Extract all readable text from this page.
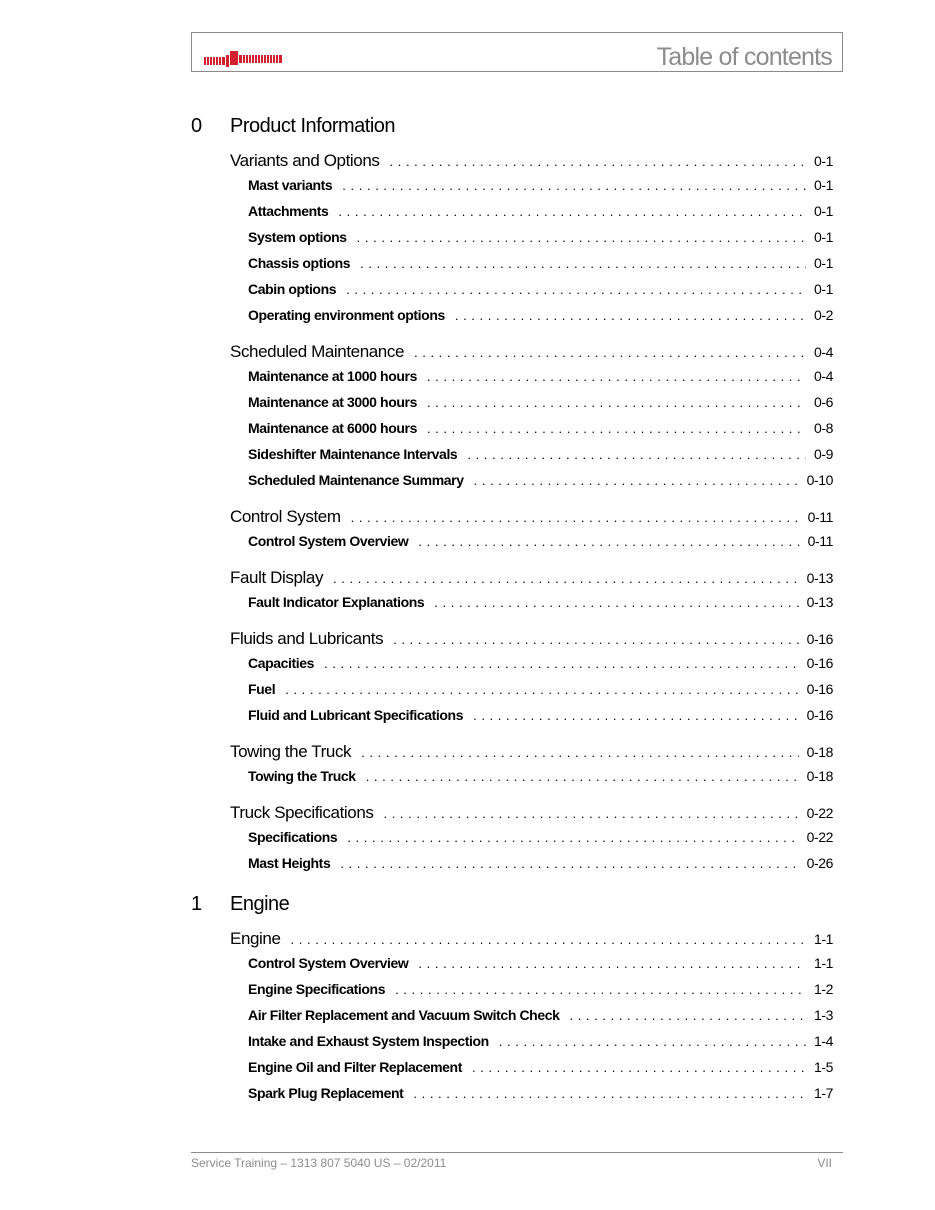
Table of contents
0 Product Information
Variants and Options . . .	0-1
Mast variants . . .	0-1
Attachments . . .	0-1
System options . . .	0-1
Chassis options . . .	0-1
Cabin options . . .	0-1
Operating environment options . . .	0-2
Scheduled Maintenance . . .	0-4
Maintenance at 1000 hours . . .	0-4
Maintenance at 3000 hours . . .	0-6
Maintenance at 6000 hours . . .	0-8
Sideshifter Maintenance Intervals . . .	0-9
Scheduled Maintenance Summary . . .	0-10
Control System . . .	0-11
Control System Overview . . .	0-11
Fault Display . . .	0-13
Fault Indicator Explanations . . .	0-13
Fluids and Lubricants . . .	0-16
Capacities . . .	0-16
Fuel . . .	0-16
Fluid and Lubricant Specifications . . .	0-16
Towing the Truck . . .	0-18
Towing the Truck . . .	0-18
Truck Specifications . . .	0-22
Specifications . . .	0-22
Mast Heights . . .	0-26
1 Engine
Engine . . .	1-1
Control System Overview . . .	1-1
Engine Specifications . . .	1-2
Air Filter Replacement and Vacuum Switch Check . . .	1-3
Intake and Exhaust System Inspection . . .	1-4
Engine Oil and Filter Replacement . . .	1-5
Spark Plug Replacement . . .	1-7
Service Training – 1313 807 5040 US – 02/2011	VII
